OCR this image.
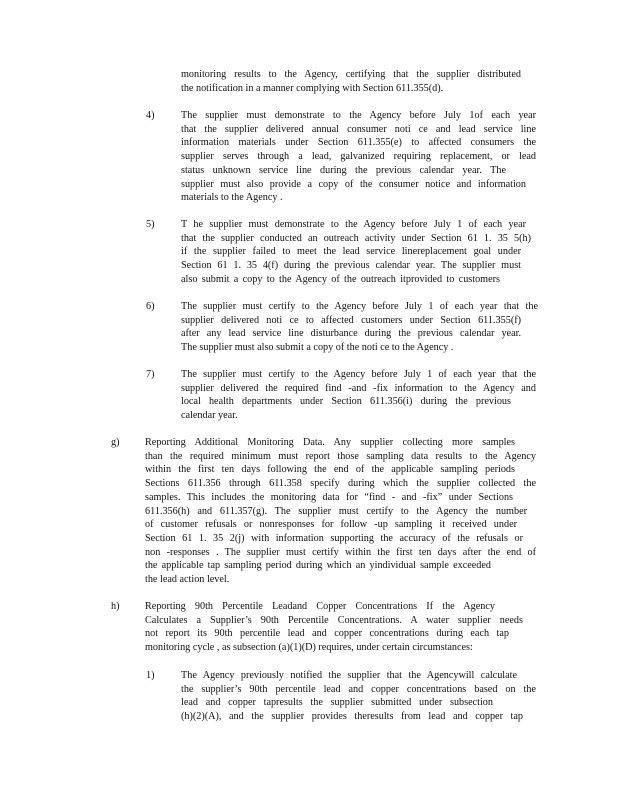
monitoring results to the Agency, certifying that the supplier distributed
the notification in a manner complying with Section 611.355(d).
4)	The supplier must demonstrate to the Agency before July 1of each year
that the supplier delivered annual consumer noti ce and lead service line
information materials under Section 611.355(e) to affected consumers the
supplier serves through a lead, galvanized requiring replacement, or lead
status unknown service line during the previous calendar year. The
supplier must also provide a copy of the consumer notice and information
materials to the Agency .
5)	T he supplier must demonstrate to the Agency before July 1 of each year
that the supplier conducted an outreach activity under Section 61 1. 35 5(h)
if the supplier failed to meet the lead service linereplacement goal under
Section 61 1. 35 4(f) during the previous calendar year. The supplier must
also submit a copy to the Agency of the outreach itprovided to customers
6)	The supplier must certify to the Agency before July 1 of each year that the
supplier delivered noti ce to affected customers under Section 611.355(f)
after any lead service line disturbance during the previous calendar year.
The supplier must also submit a copy of the noti ce to the Agency .
7)	The supplier must certify to the Agency before July 1 of each year that the
supplier delivered the required find -and -fix information to the Agency and
local health departments under Section 611.356(i) during the previous
calendar year.
g)	Reporting Additional Monitoring Data. Any supplier collecting more samples
than the required minimum must report those sampling data results to the Agency
within the first ten days following the end of the applicable sampling periods
Sections 611.356 through 611.358 specify during which the supplier collected the
samples. This includes the monitoring data for “find - and -fix” under Sections
611.356(h) and 611.357(g). The supplier must certify to the Agency the number
of customer refusals or nonresponses for follow -up sampling it received under
Section 61 1. 35 2(j) with information supporting the accuracy of the refusals or
non -responses . The supplier must certify within the first ten days after the end of
the applicable tap sampling period during which an yindividual sample exceeded
the lead action level.
h)	Reporting 90th Percentile Leadand Copper Concentrations If the Agency
Calculates a Supplier’s 90th Percentile Concentrations. A water supplier needs
not report its 90th percentile lead and copper concentrations during each tap
monitoring cycle , as subsection (a)(1)(D) requires, under certain circumstances:
1)	The Agency previously notified the supplier that the Agencywill calculate
the supplier’s 90th percentile lead and copper concentrations based on the
lead and copper tapresults the supplier submitted under subsection
(h)(2)(A), and the supplier provides theresults from lead and copper tap
